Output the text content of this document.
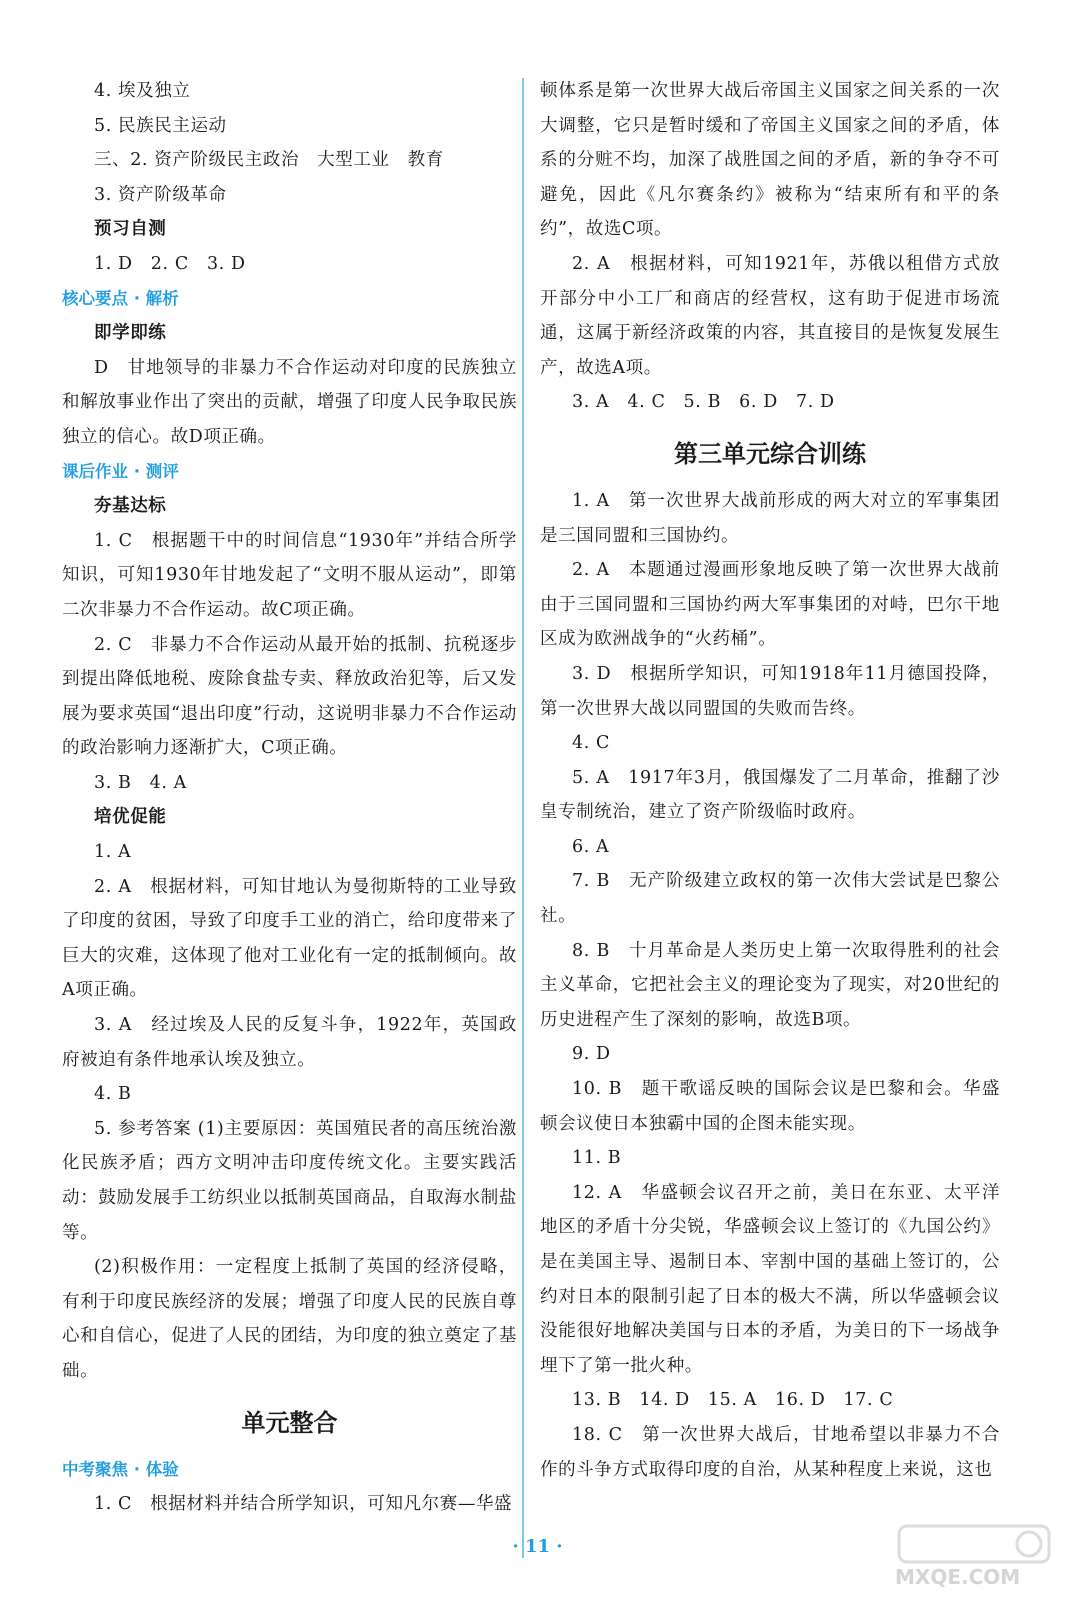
4. 埃及独立

5. 民族民主运动

三、2. 资产阶级民主政治　大型工业　教育

3. 资产阶级革命

预习自测

1. D　2. C　3. D

核心要点 · 解析

即学即练

D　甘地领导的非暴力不合作运动对印度的民族独立和解放事业作出了突出的贡献，增强了印度人民争取民族独立的信心。故D项正确。

课后作业 · 测评

夯基达标

1. C　根据题干中的时间信息“1930年”并结合所学知识，可知1930年甘地发起了“文明不服从运动”，即第二次非暴力不合作运动。故C项正确。

2. C　非暴力不合作运动从最开始的抵制、抗税逐步到提出降低地税、废除食盐专卖、释放政治犯等，后又发展为要求英国“退出印度”行动，这说明非暴力不合作运动的政治影响力逐渐扩大，C项正确。

3. B　4. A

培优促能

1. A

2. A　根据材料，可知甘地认为曼彻斯特的工业导致了印度的贫困，导致了印度手工业的消亡，给印度带来了巨大的灾难，这体现了他对工业化有一定的抵制倾向。故A项正确。

3. A　经过埃及人民的反复斗争，1922年，英国政府被迫有条件地承认埃及独立。

4. B

5. 参考答案 (1)主要原因：英国殖民者的高压统治激化民族矛盾；西方文明冲击印度传统文化。主要实践活动：鼓励发展手工纺织业以抵制英国商品，自取海水制盐等。

(2)积极作用：一定程度上抵制了英国的经济侵略，有利于印度民族经济的发展；增强了印度人民的民族自尊心和自信心，促进了人民的团结，为印度的独立奠定了基础。

单元整合

中考聚焦 · 体验

1. C　根据材料并结合所学知识，可知凡尔赛—华盛

顿体系是第一次世界大战后帝国主义国家之间关系的一次大调整，它只是暂时缓和了帝国主义国家之间的矛盾，体系的分赃不均，加深了战胜国之间的矛盾，新的争夺不可避免，因此《凡尔赛条约》被称为“结束所有和平的条约”，故选C项。

2. A　根据材料，可知1921年，苏俄以租借方式放开部分中小工厂和商店的经营权，这有助于促进市场流通，这属于新经济政策的内容，其直接目的是恢复发展生产，故选A项。

3. A　4. C　5. B　6. D　7. D

第三单元综合训练

1. A　第一次世界大战前形成的两大对立的军事集团是三国同盟和三国协约。

2. A　本题通过漫画形象地反映了第一次世界大战前由于三国同盟和三国协约两大军事集团的对峙，巴尔干地区成为欧洲战争的“火药桶”。

3. D　根据所学知识，可知1918年11月德国投降，第一次世界大战以同盟国的失败而告终。

4. C

5. A　1917年3月，俄国爆发了二月革命，推翻了沙皇专制统治，建立了资产阶级临时政府。

6. A

7. B　无产阶级建立政权的第一次伟大尝试是巴黎公社。

8. B　十月革命是人类历史上第一次取得胜利的社会主义革命，它把社会主义的理论变为了现实，对20世纪的历史进程产生了深刻的影响，故选B项。

9. D

10. B　题干歌谣反映的国际会议是巴黎和会。华盛顿会议使日本独霸中国的企图未能实现。

11. B

12. A　华盛顿会议召开之前，美日在东亚、太平洋地区的矛盾十分尖锐，华盛顿会议上签订的《九国公约》是在美国主导、遏制日本、宰割中国的基础上签订的，公约对日本的限制引起了日本的极大不满，所以华盛顿会议没能很好地解决美国与日本的矛盾，为美日的下一场战争埋下了第一批火种。

13. B　14. D　15. A　16. D　17. C

18. C　第一次世界大战后，甘地希望以非暴力不合作的斗争方式取得印度的自治，从某种程度上来说，这也

· 11 ·
MXQE.COM
